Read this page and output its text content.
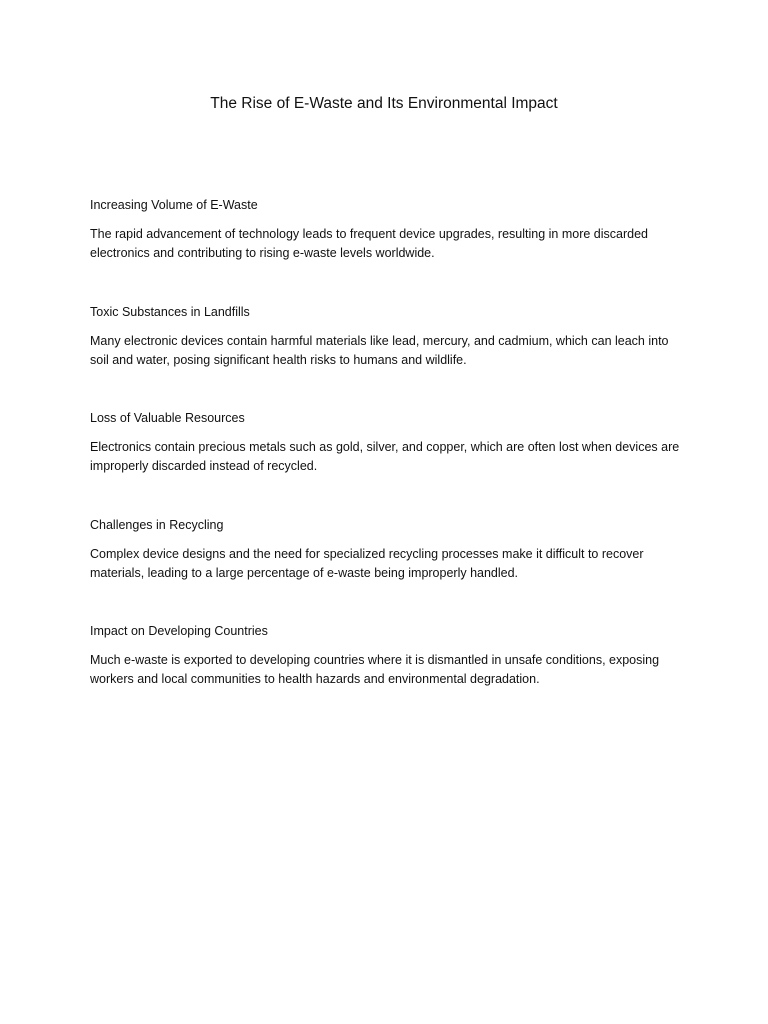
The Rise of E-Waste and Its Environmental Impact
Increasing Volume of E-Waste

The rapid advancement of technology leads to frequent device upgrades, resulting in more discarded electronics and contributing to rising e-waste levels worldwide.

Toxic Substances in Landfills

Many electronic devices contain harmful materials like lead, mercury, and cadmium, which can leach into soil and water, posing significant health risks to humans and wildlife.

Loss of Valuable Resources

Electronics contain precious metals such as gold, silver, and copper, which are often lost when devices are improperly discarded instead of recycled.

Challenges in Recycling

Complex device designs and the need for specialized recycling processes make it difficult to recover materials, leading to a large percentage of e-waste being improperly handled.

Impact on Developing Countries

Much e-waste is exported to developing countries where it is dismantled in unsafe conditions, exposing workers and local communities to health hazards and environmental degradation.
